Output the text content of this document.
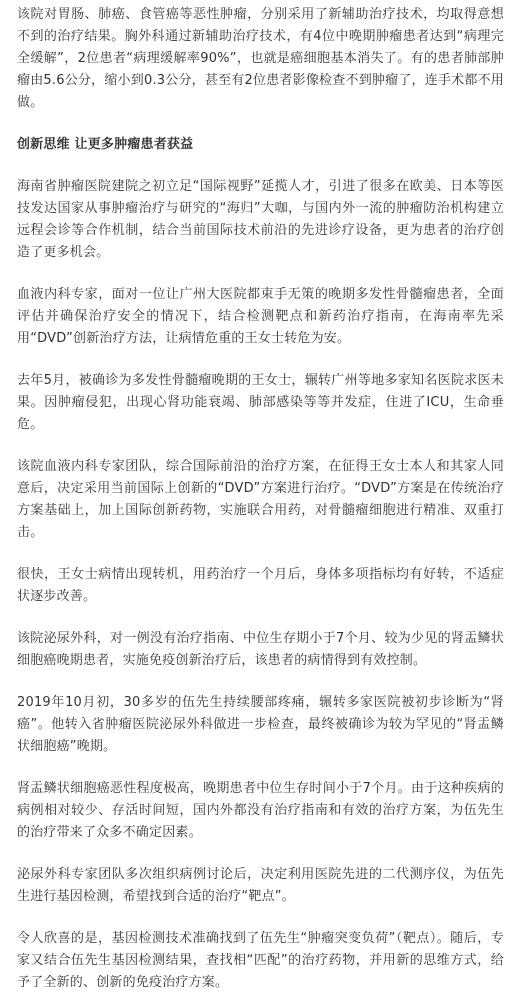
该院对胃肠、肺癌、食管癌等恶性肿瘤，分别采用了新辅助治疗技术，均取得意想不到的治疗结果。胸外科通过新辅助治疗技术，有4位中晚期肿瘤患者达到“病理完全缓解”，2位患者“病理缓解率90%”，也就是癌细胞基本消失了。有的患者肺部肿瘤由5.6公分，缩小到0.3公分，甚至有2位患者影像检查不到肿瘤了，连手术都不用做。

创新思维 让更多肿瘤患者获益

海南省肿瘤医院建院之初立足“国际视野”延揽人才，引进了很多在欧美、日本等医技发达国家从事肿瘤治疗与研究的“海归”大咖，与国内外一流的肿瘤防治机构建立远程会诊等合作机制，结合当前国际技术前沿的先进诊疗设备，更为患者的治疗创造了更多机会。

血液内科专家，面对一位让广州大医院都束手无策的晚期多发性骨髓瘤患者，全面评估并确保治疗安全的情况下，结合检测靶点和新药治疗指南，在海南率先采用“DVD”创新治疗方法，让病情危重的王女士转危为安。

去年5月，被确诊为多发性骨髓瘤晚期的王女士，辗转广州等地多家知名医院求医未果。因肿瘤侵犯，出现心肾功能衰竭、肺部感染等等并发症，住进了ICU，生命垂危。

该院血液内科专家团队，综合国际前沿的治疗方案，在征得王女士本人和其家人同意后，决定采用当前国际上创新的“DVD”方案进行治疗。“DVD”方案是在传统治疗方案基础上，加上国际创新药物，实施联合用药，对骨髓瘤细胞进行精准、双重打击。

很快，王女士病情出现转机，用药治疗一个月后，身体多项指标均有好转，不适症状逐步改善。

该院泌尿外科，对一例没有治疗指南、中位生存期小于7个月、较为少见的肾盂鳞状细胞癌晚期患者，实施免疫创新治疗后，该患者的病情得到有效控制。

2019年10月初，30多岁的伍先生持续腰部疼痛，辗转多家医院被初步诊断为“肾癌”。他转入省肿瘤医院泌尿外科做进一步检查，最终被确诊为较为罕见的“肾盂鳞状细胞癌”晚期。

肾盂鳞状细胞癌恶性程度极高，晚期患者中位生存时间小于7个月。由于这种疾病的病例相对较少、存活时间短，国内外都没有治疗指南和有效的治疗方案，为伍先生的治疗带来了众多不确定因素。

泌尿外科专家团队多次组织病例讨论后，决定利用医院先进的二代测序仪，为伍先生进行基因检测，希望找到合适的治疗“靶点”。

令人欣喜的是，基因检测技术准确找到了伍先生“肿瘤突变负荷”（靶点）。随后，专家又结合伍先生基因检测结果，查找相“匹配”的治疗药物，并用新的思维方式，给予了全新的、创新的免疫治疗方案。
